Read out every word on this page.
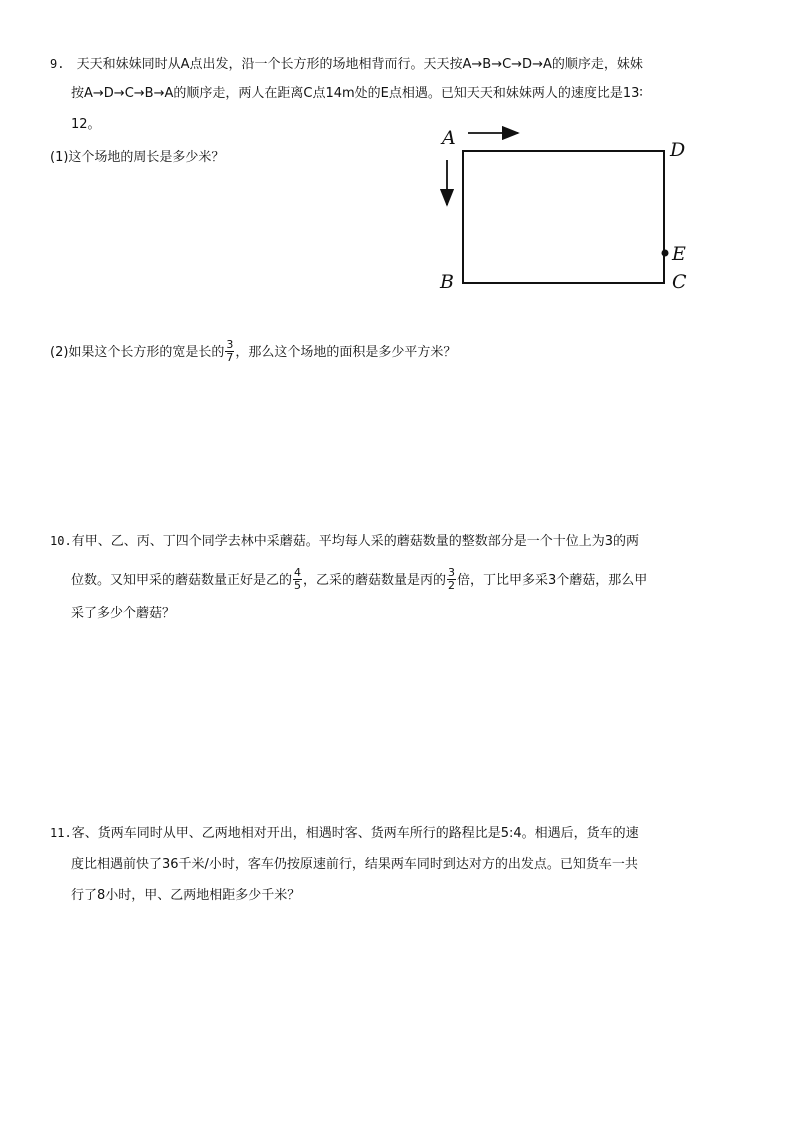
9. 天天和妹妹同时从A点出发，沿一个长方形的场地相背而行。天天按A→B→C→D→A的顺序走，妹妹
按A→D→C→B→A的顺序走，两人在距离C点14m处的E点相遇。已知天天和妹妹两人的速度比是13∶
12。
(1)这个场地的周长是多少米？
A
D
E
B	C
(2)如果这个长方形的宽是长的 $\frac{3}{7}$ ，那么这个场地的面积是多少平方米？
10.有甲、乙、丙、丁四个同学去林中采蘑菇。平均每人采的蘑菇数量的整数部分是一个十位上为3的两
位数。又知甲采的蘑菇数量正好是乙的 $\frac{4}{5}$ ，乙采的蘑菇数量是丙的 $\frac{3}{2}$ 倍，丁比甲多采3个蘑菇，那么甲
采了多少个蘑菇？
11.客、货两车同时从甲、乙两地相对开出，相遇时客、货两车所行的路程比是5:4。相遇后，货车的速
度比相遇前快了36千米/小时，客车仍按原速前行，结果两车同时到达对方的出发点。已知货车一共
行了8小时，甲、乙两地相距多少千米？
